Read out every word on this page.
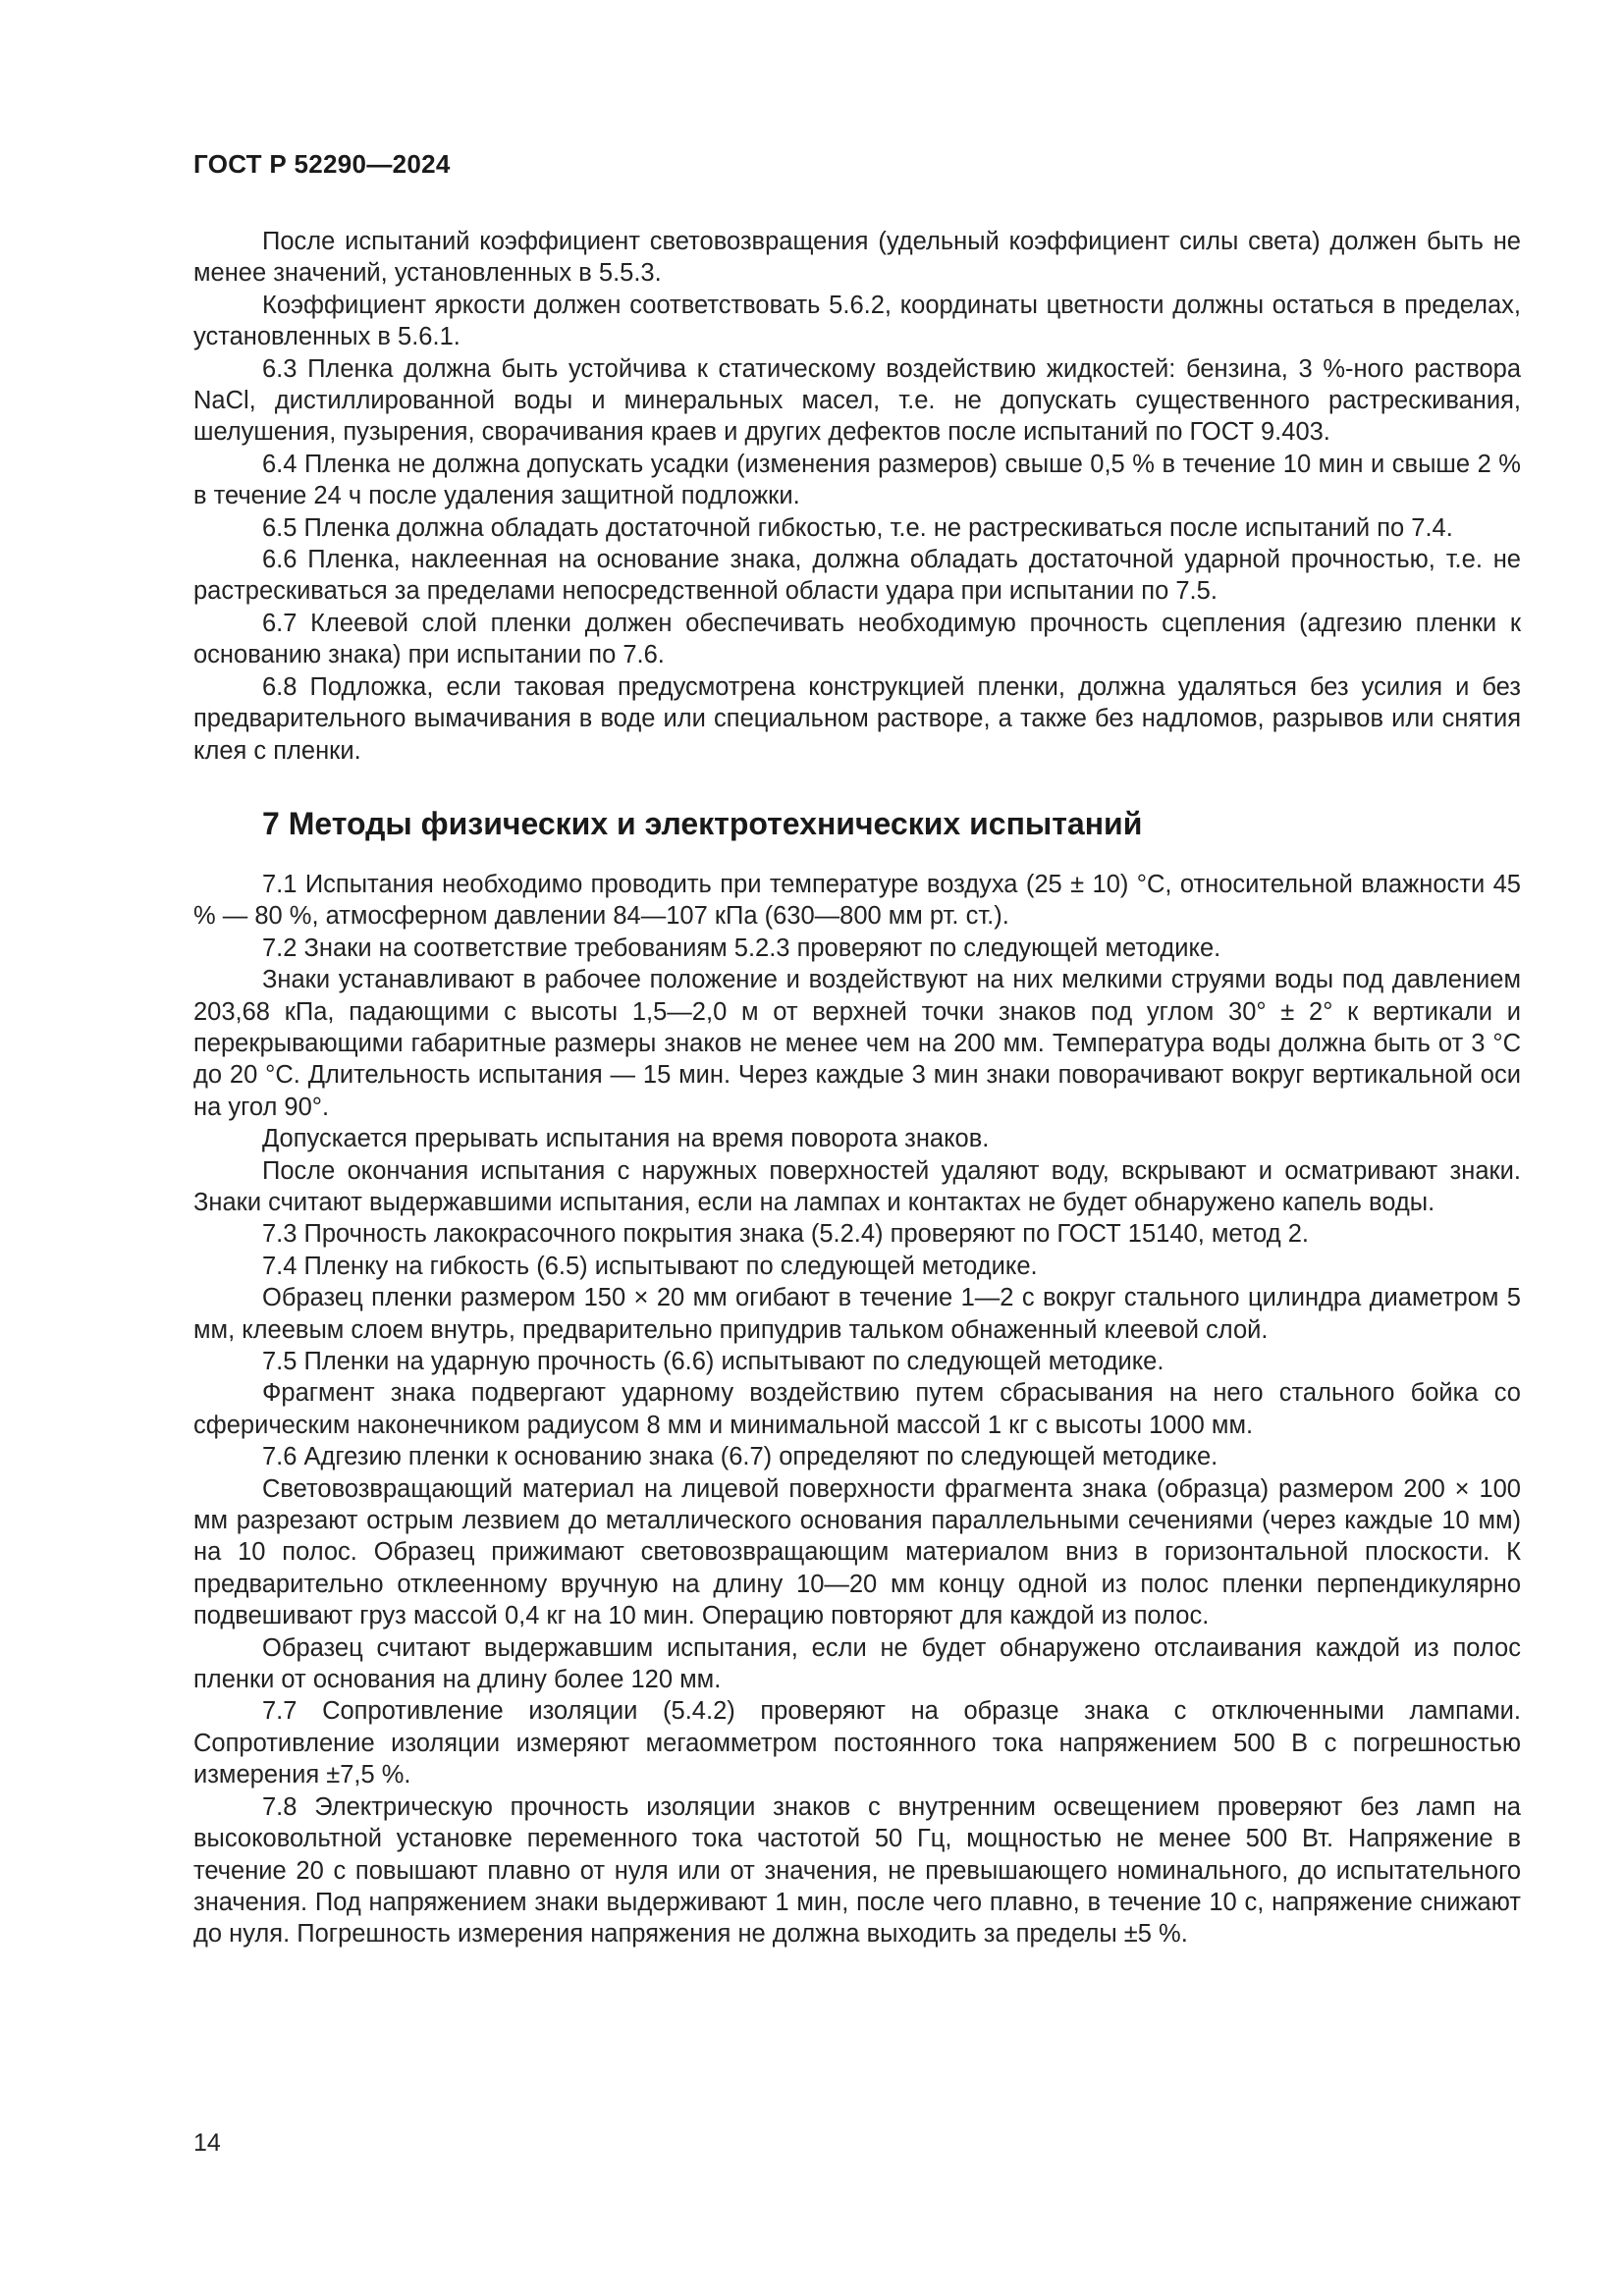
ГОСТ Р 52290—2024

После испытаний коэффициент световозвращения (удельный коэффициент силы света) должен быть не менее значений, установленных в 5.5.3.

Коэффициент яркости должен соответствовать 5.6.2, координаты цветности должны остаться в пределах, установленных в 5.6.1.

6.3 Пленка должна быть устойчива к статическому воздействию жидкостей: бензина, 3 %-ного раствора NaCl, дистиллированной воды и минеральных масел, т.е. не допускать существенного растрескивания, шелушения, пузырения, сворачивания краев и других дефектов после испытаний по ГОСТ 9.403.

6.4 Пленка не должна допускать усадки (изменения размеров) свыше 0,5 % в течение 10 мин и свыше 2 % в течение 24 ч после удаления защитной подложки.

6.5 Пленка должна обладать достаточной гибкостью, т.е. не растрескиваться после испытаний по 7.4.

6.6 Пленка, наклеенная на основание знака, должна обладать достаточной ударной прочностью, т.е. не растрескиваться за пределами непосредственной области удара при испытании по 7.5.

6.7 Клеевой слой пленки должен обеспечивать необходимую прочность сцепления (адгезию пленки к основанию знака) при испытании по 7.6.

6.8 Подложка, если таковая предусмотрена конструкцией пленки, должна удаляться без усилия и без предварительного вымачивания в воде или специальном растворе, а также без надломов, разрывов или снятия клея с пленки.

7 Методы физических и электротехнических испытаний

7.1 Испытания необходимо проводить при температуре воздуха (25 ± 10) °С, относительной влажности 45 % — 80 %, атмосферном давлении 84—107 кПа (630—800 мм рт. ст.).

7.2 Знаки на соответствие требованиям 5.2.3 проверяют по следующей методике.

Знаки устанавливают в рабочее положение и воздействуют на них мелкими струями воды под давлением 203,68 кПа, падающими с высоты 1,5—2,0 м от верхней точки знаков под углом 30° ± 2° к вертикали и перекрывающими габаритные размеры знаков не менее чем на 200 мм. Температура воды должна быть от 3 °С до 20 °С. Длительность испытания — 15 мин. Через каждые 3 мин знаки поворачивают вокруг вертикальной оси на угол 90°.

Допускается прерывать испытания на время поворота знаков.

После окончания испытания с наружных поверхностей удаляют воду, вскрывают и осматривают знаки. Знаки считают выдержавшими испытания, если на лампах и контактах не будет обнаружено капель воды.

7.3 Прочность лакокрасочного покрытия знака (5.2.4) проверяют по ГОСТ 15140, метод 2.

7.4 Пленку на гибкость (6.5) испытывают по следующей методике.

Образец пленки размером 150 × 20 мм огибают в течение 1—2 с вокруг стального цилиндра диаметром 5 мм, клеевым слоем внутрь, предварительно припудрив тальком обнаженный клеевой слой.

7.5 Пленки на ударную прочность (6.6) испытывают по следующей методике.

Фрагмент знака подвергают ударному воздействию путем сбрасывания на него стального бойка со сферическим наконечником радиусом 8 мм и минимальной массой 1 кг с высоты 1000 мм.

7.6 Адгезию пленки к основанию знака (6.7) определяют по следующей методике.

Световозвращающий материал на лицевой поверхности фрагмента знака (образца) размером 200 × 100 мм разрезают острым лезвием до металлического основания параллельными сечениями (через каждые 10 мм) на 10 полос. Образец прижимают световозвращающим материалом вниз в горизонтальной плоскости. К предварительно отклеенному вручную на длину 10—20 мм концу одной из полос пленки перпендикулярно подвешивают груз массой 0,4 кг на 10 мин. Операцию повторяют для каждой из полос.

Образец считают выдержавшим испытания, если не будет обнаружено отслаивания каждой из полос пленки от основания на длину более 120 мм.

7.7 Сопротивление изоляции (5.4.2) проверяют на образце знака с отключенными лампами. Сопротивление изоляции измеряют мегаомметром постоянного тока напряжением 500 В с погрешностью измерения ±7,5 %.

7.8 Электрическую прочность изоляции знаков с внутренним освещением проверяют без ламп на высоковольтной установке переменного тока частотой 50 Гц, мощностью не менее 500 Вт. Напряжение в течение 20 с повышают плавно от нуля или от значения, не превышающего номинального, до испытательного значения. Под напряжением знаки выдерживают 1 мин, после чего плавно, в течение 10 с, напряжение снижают до нуля. Погрешность измерения напряжения не должна выходить за пределы ±5 %.

14
